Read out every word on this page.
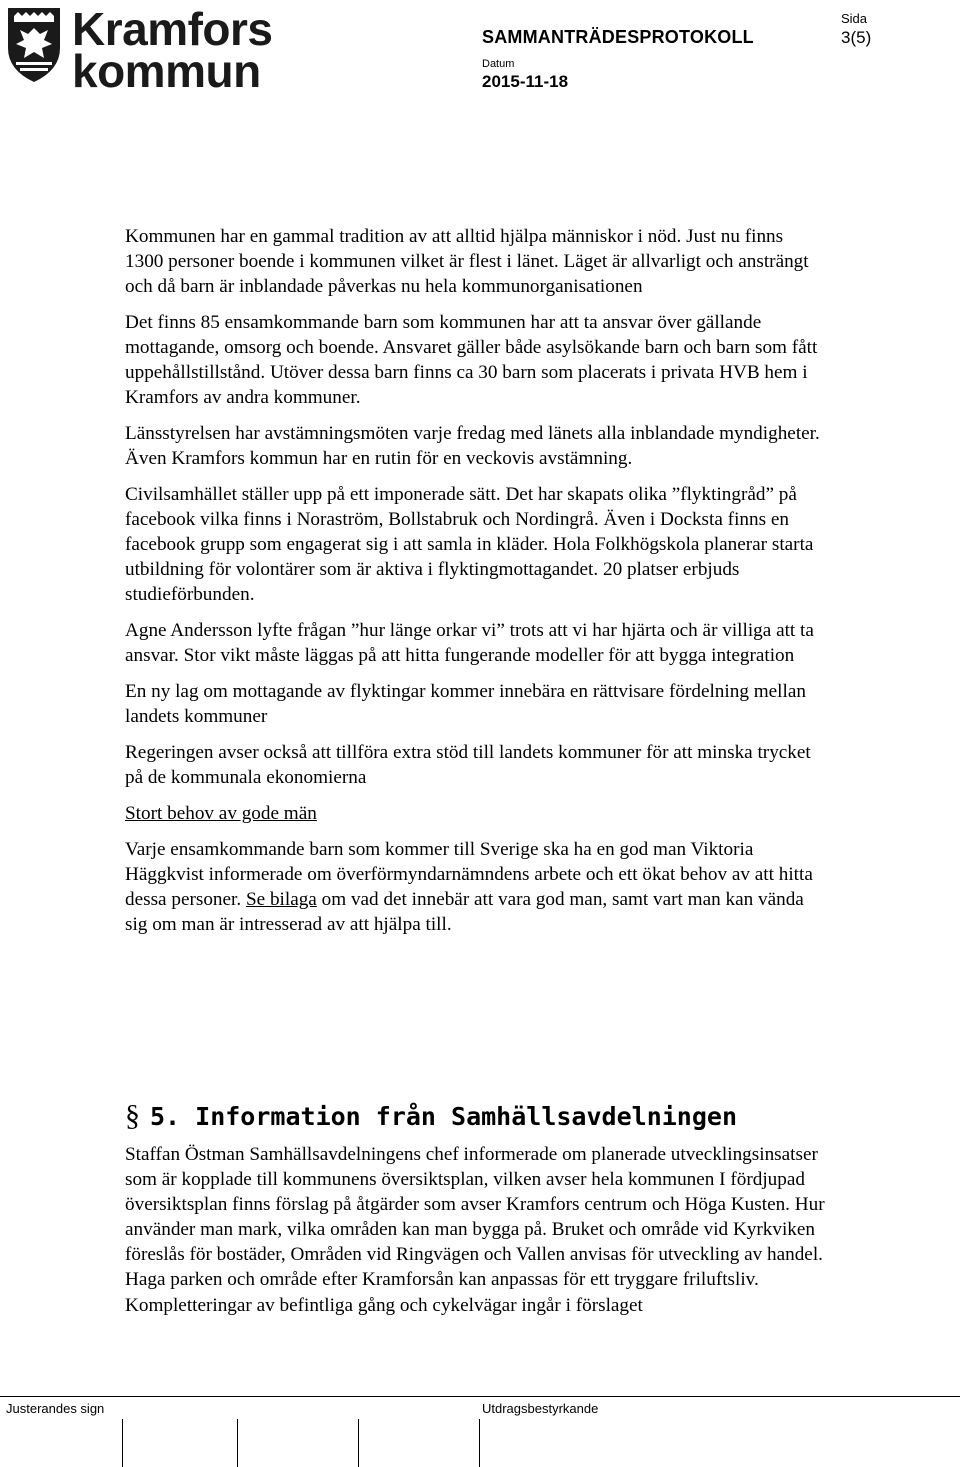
Kramfors
kommun
SAMMANTRÄDESPROTOKOLL
Datum
2015-11-18
Sida
3(5)

Kommunen har en gammal tradition av att alltid hjälpa människor i nöd. Just nu finns 1300 personer boende i kommunen vilket är flest i länet. Läget är allvarligt och ansträngt och då barn är inblandade påverkas nu hela kommunorganisationen

Det finns 85 ensamkommande barn som kommunen har att ta ansvar över gällande mottagande, omsorg och boende. Ansvaret gäller både asylsökande barn och barn som fått uppehållstillstånd. Utöver dessa barn finns ca 30 barn som placerats i privata HVB hem i Kramfors av andra kommuner.

Länsstyrelsen har avstämningsmöten varje fredag med länets alla inblandade myndigheter. Även Kramfors kommun har en rutin för en veckovis avstämning.

Civilsamhället ställer upp på ett imponerade sätt. Det har skapats olika ”flyktingråd” på facebook vilka finns i Noraström, Bollstabruk och Nordingrå. Även i Docksta finns en facebook grupp som engagerat sig i att samla in kläder. Hola Folkhögskola planerar starta utbildning för volontärer som är aktiva i flyktingmottagandet. 20 platser erbjuds studieförbunden.

Agne Andersson lyfte frågan ”hur länge orkar vi” trots att vi har hjärta och är villiga att ta ansvar. Stor vikt måste läggas på att hitta fungerande modeller för att bygga integration

En ny lag om mottagande av flyktingar kommer innebära en rättvisare fördelning mellan landets kommuner

Regeringen avser också att tillföra extra stöd till landets kommuner för att minska trycket på de kommunala ekonomierna

Stort behov av gode män

Varje ensamkommande barn som kommer till Sverige ska ha en god man Viktoria Häggkvist informerade om överförmyndarnämndens arbete och ett ökat behov av att hitta dessa personer. Se bilaga om vad det innebär att vara god man, samt vart man kan vända sig om man är intresserad av att hjälpa till.

§ 5. Information från Samhällsavdelningen

Staffan Östman Samhällsavdelningens chef informerade om planerade utvecklingsinsatser som är kopplade till kommunens översiktsplan, vilken avser hela kommunen I fördjupad översiktsplan finns förslag på åtgärder som avser Kramfors centrum och Höga Kusten. Hur använder man mark, vilka områden kan man bygga på. Bruket och område vid Kyrkviken föreslås för bostäder, Områden vid Ringvägen och Vallen anvisas för utveckling av handel. Haga parken och område efter Kramforsån kan anpassas för ett tryggare friluftsliv. Kompletteringar av befintliga gång och cykelvägar ingår i förslaget

Justerandes sign	Utdragsbestyrkande
